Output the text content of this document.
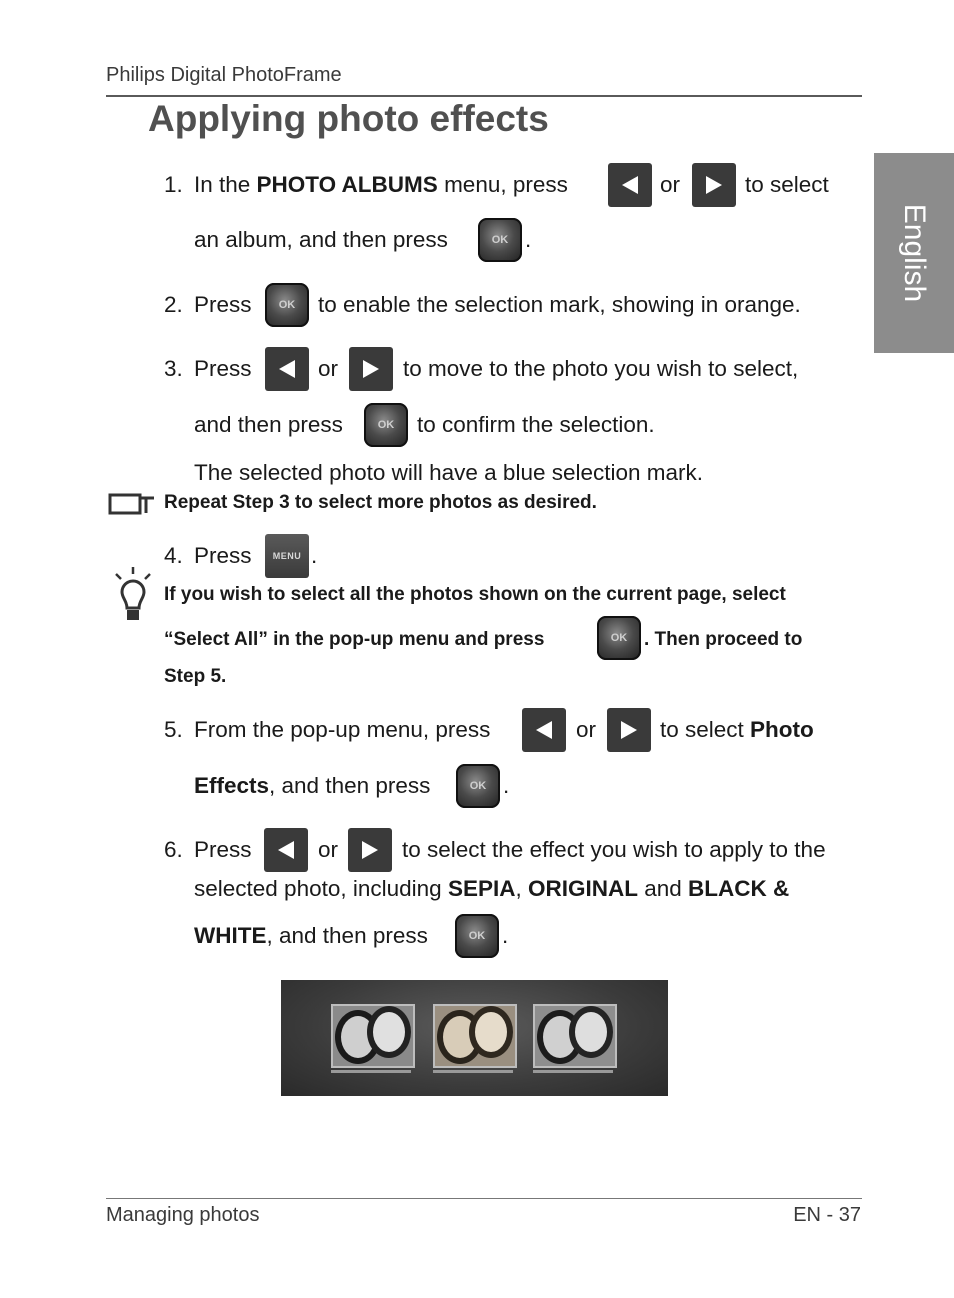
Philips Digital PhotoFrame
Applying photo effects
English
1. In the PHOTO ALBUMS menu, press	or	to select
an album, and then press	OK .
2. Press	OK	to enable the selection mark, showing in orange.
3. Press	or	to move to the photo you wish to select,
and then press	OK	to confirm the selection.
The selected photo will have a blue selection mark.
Repeat Step 3 to select more photos as desired.
4. Press	MENU .
If you wish to select all the photos shown on the current page, select
“Select All” in the pop-up menu and press	OK . Then proceed to
Step 5.
5. From the pop-up menu, press	or	to select Photo
Effects, and then press	OK .
6. Press	or	to select the effect you wish to apply to the
selected photo, including SEPIA, ORIGINAL and BLACK &
WHITE, and then press	OK .
Managing photos	EN - 37
